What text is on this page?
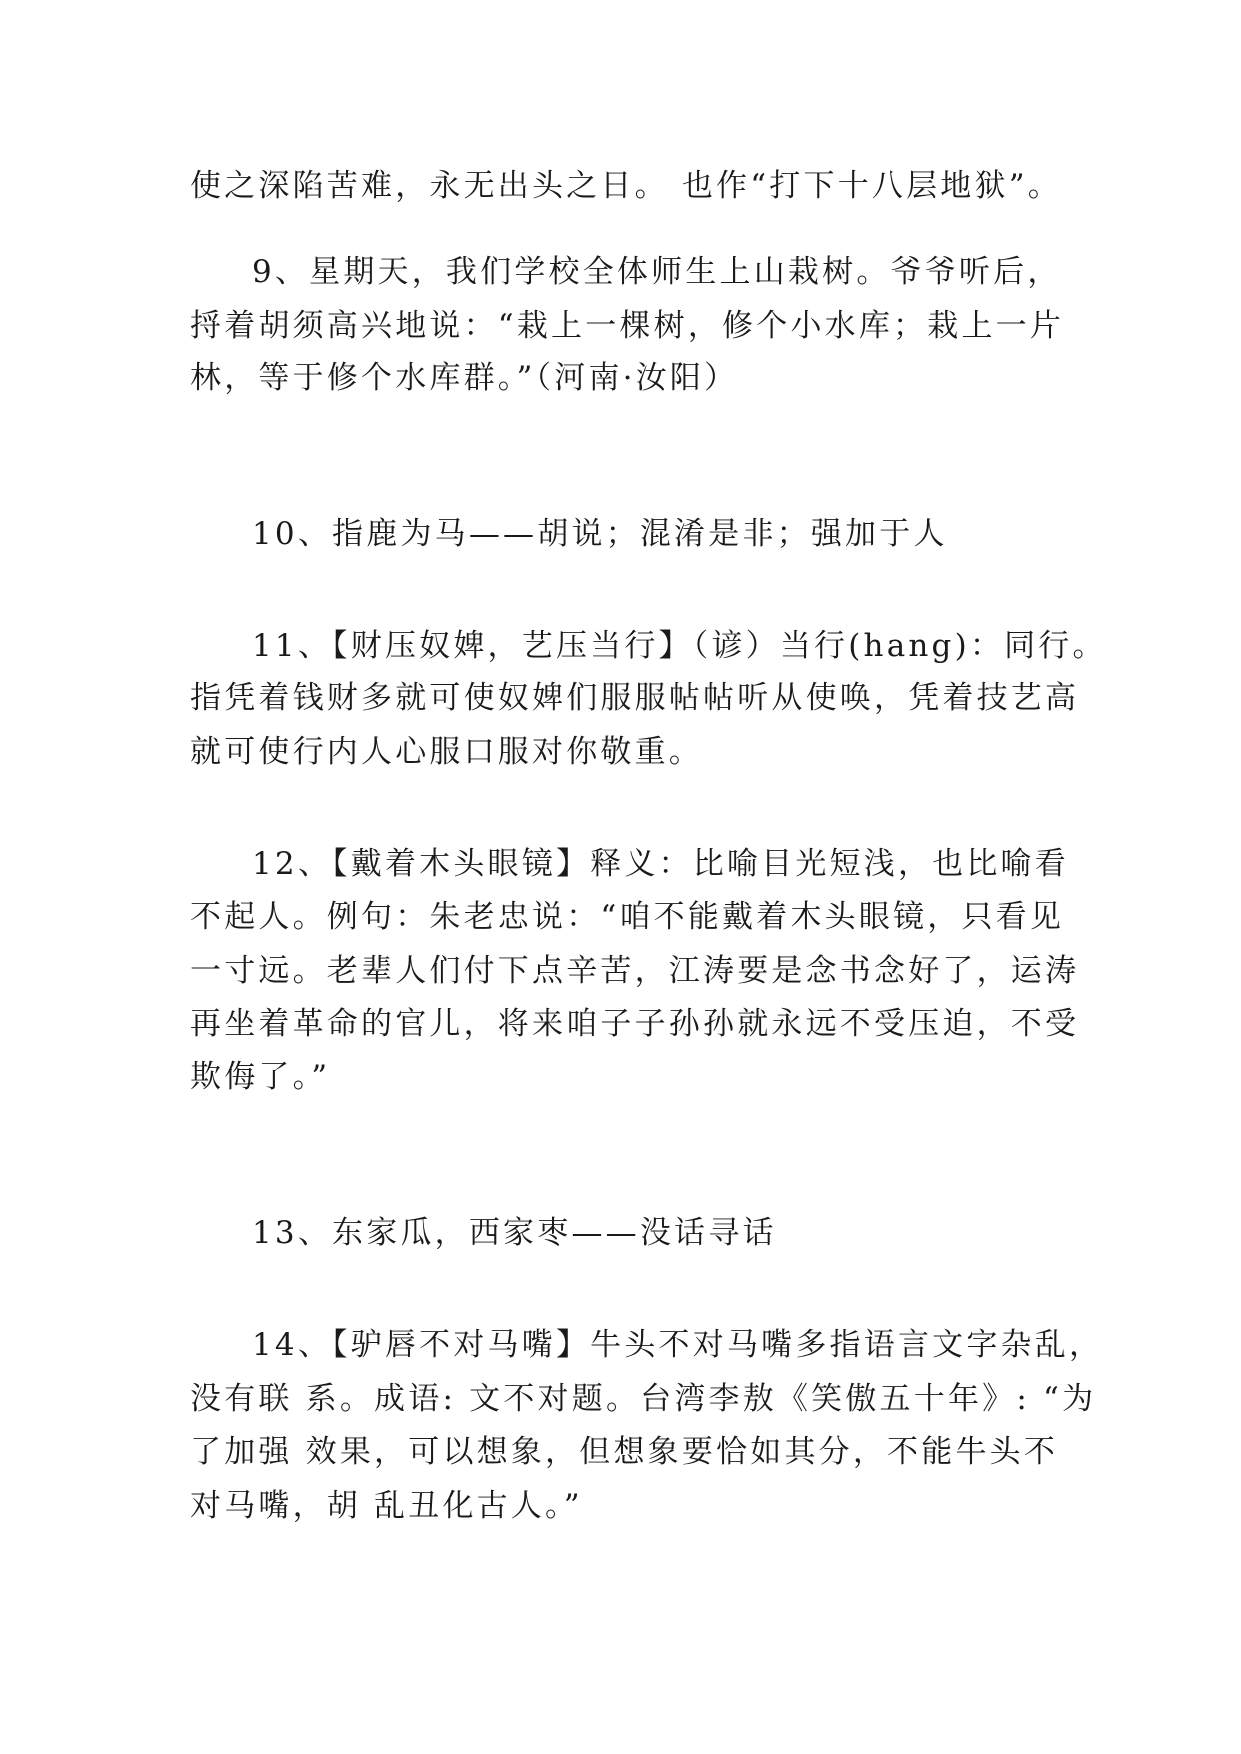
使之深陷苦难，永无出头之日。 也作“打下十八层地狱”。
9、星期天，我们学校全体师生上山栽树。爷爷听后，
捋着胡须高兴地说：“栽上一棵树，修个小水库；栽上一片
林，等于修个水库群。”（河南·汝阳）
10、指鹿为马——胡说；混淆是非；强加于人
11、【财压奴婢，艺压当行】（谚）当行(hang)：同行。
指凭着钱财多就可使奴婢们服服帖帖听从使唤，凭着技艺高
就可使行内人心服口服对你敬重。
12、【戴着木头眼镜】释义：比喻目光短浅，也比喻看
不起人。例句：朱老忠说：“咱不能戴着木头眼镜，只看见
一寸远。老辈人们付下点辛苦，江涛要是念书念好了，运涛
再坐着革命的官儿，将来咱子子孙孙就永远不受压迫，不受
欺侮了。”
13、东家瓜，西家枣——没话寻话
14、【驴唇不对马嘴】牛头不对马嘴多指语言文字杂乱，
没有联 系。成语: 文不对题。台湾李敖《笑傲五十年》: “为
了加强 效果，可以想象，但想象要恰如其分，不能牛头不
对马嘴，胡 乱丑化古人。”
